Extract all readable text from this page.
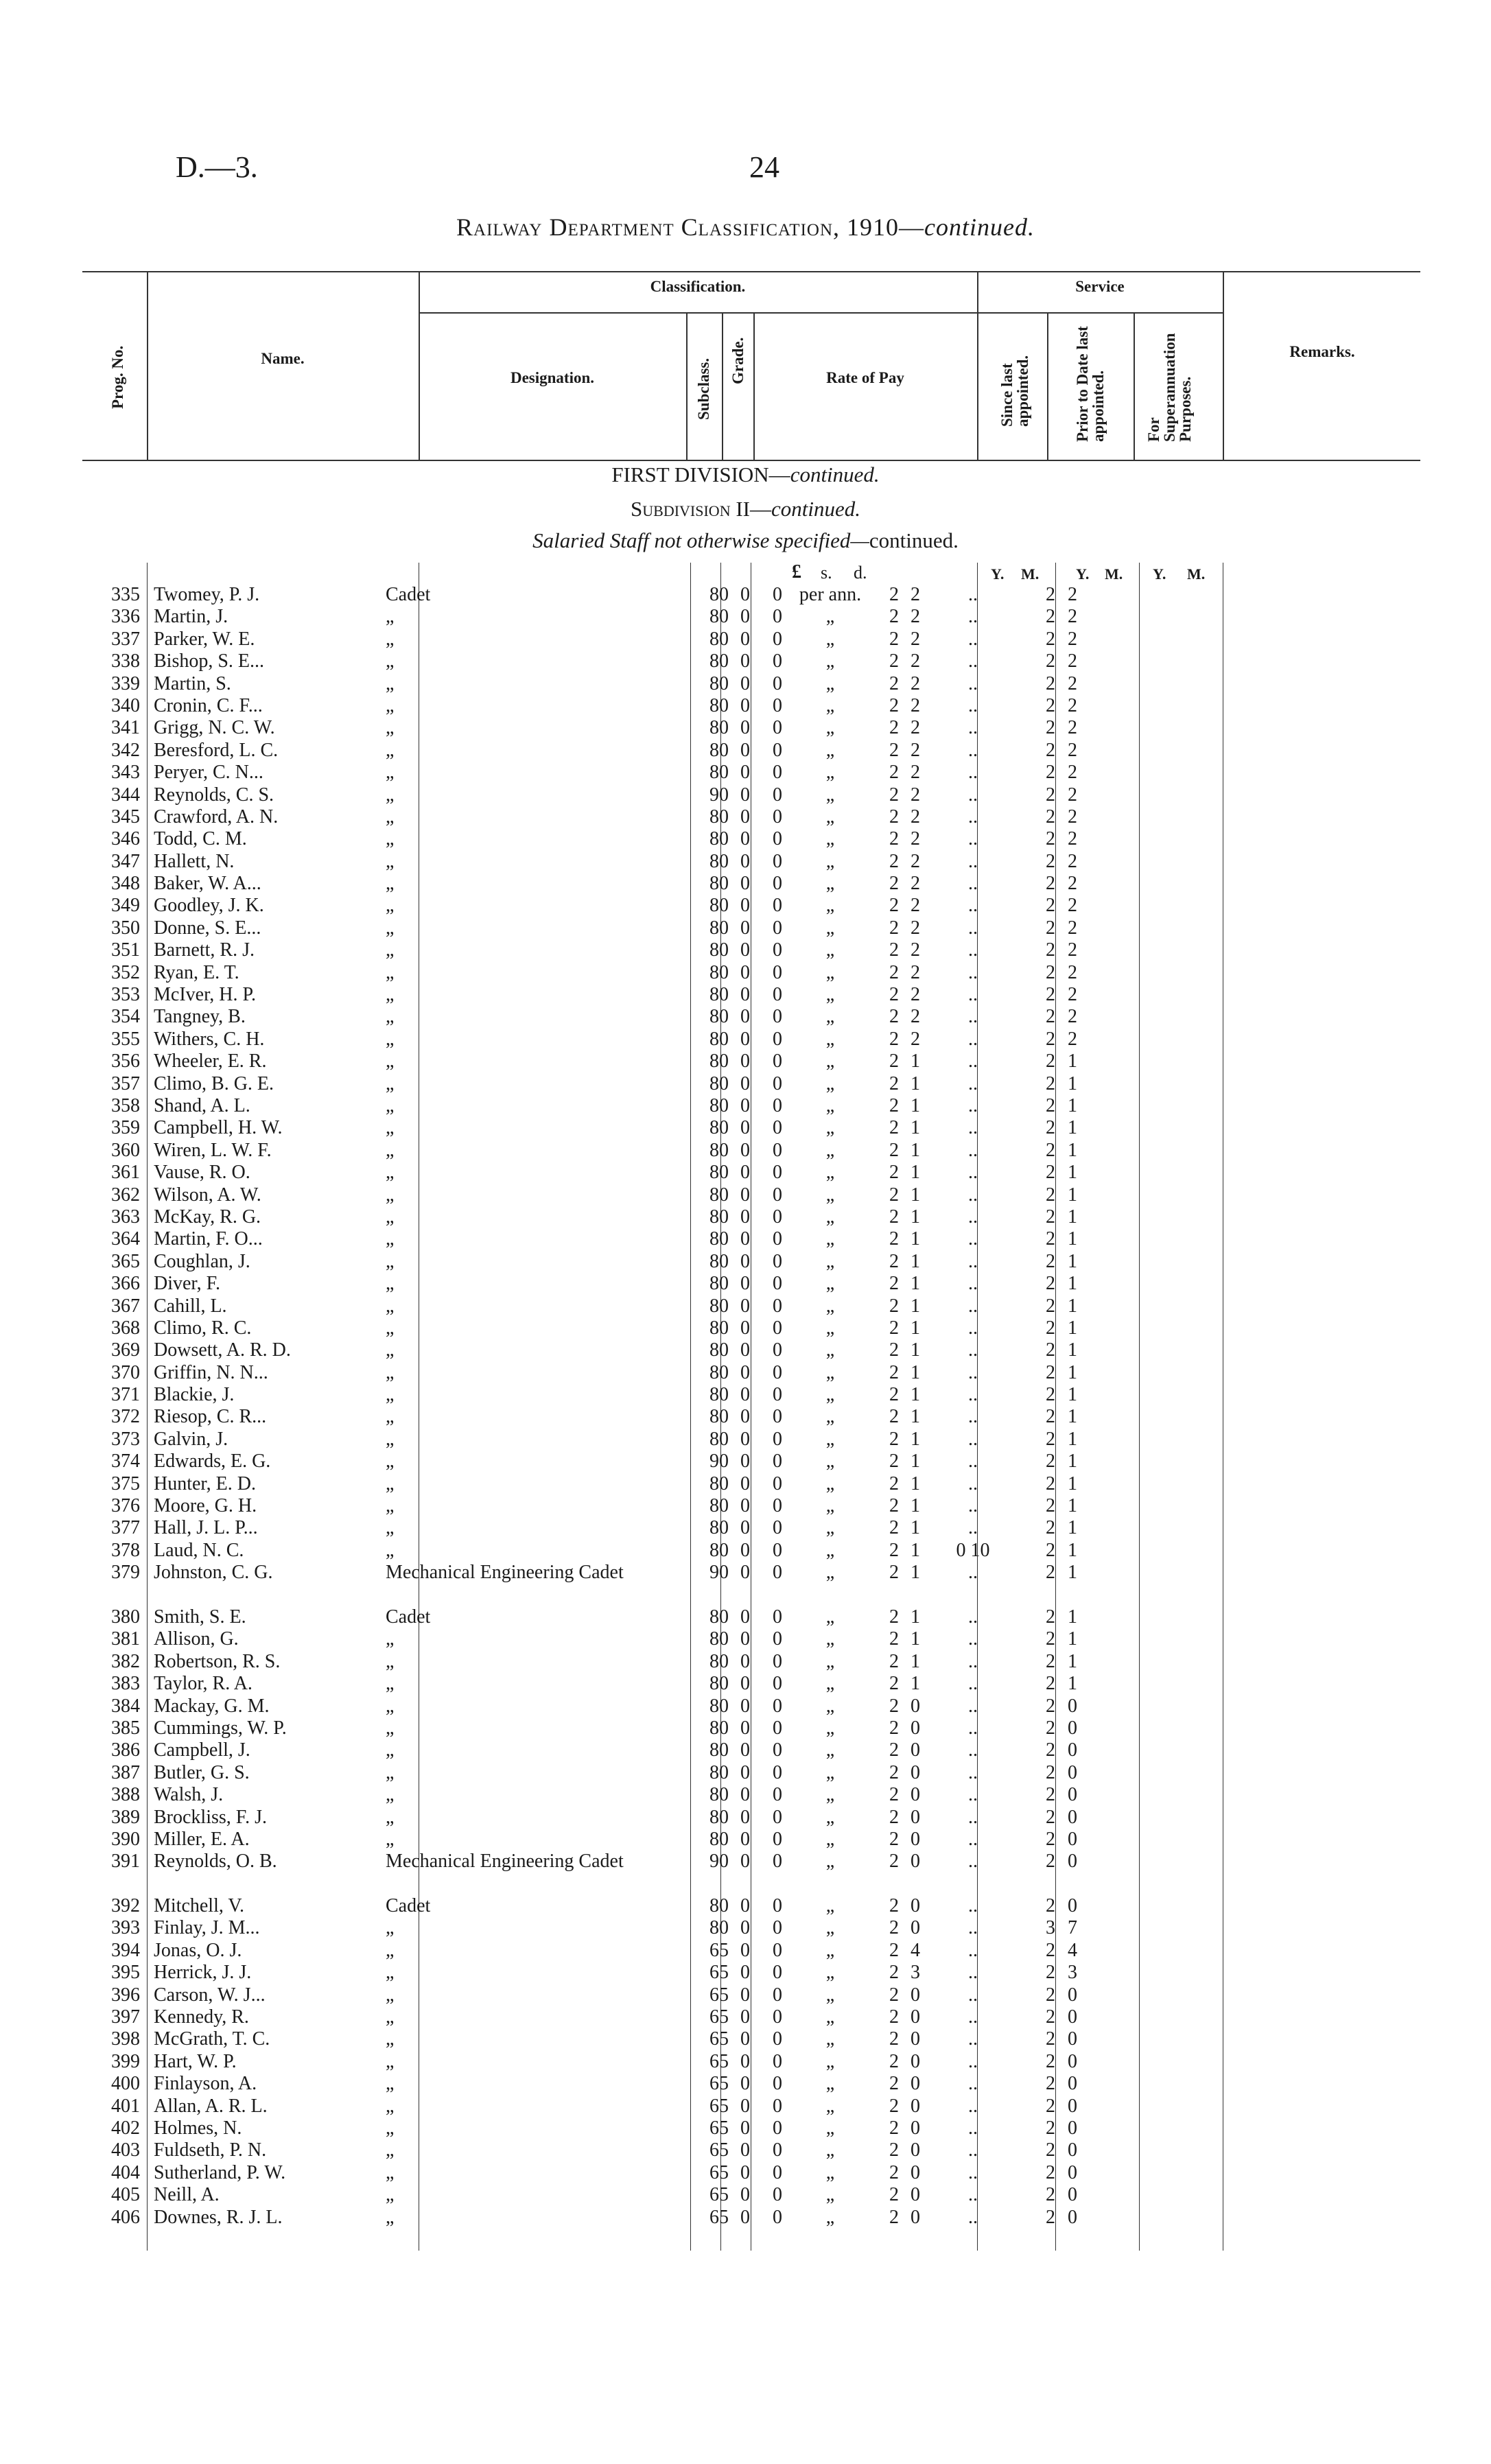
D.—3.	24
Railway Department Classification, 1910—continued.
Prog. No.	Name.
Classification.	Service
Designation.	Subclass. Grade.	Rate of Pay	Since last appointed.	Prior to Date last appointed. For Superannuation Purposes.
Remarks.
FIRST DIVISION—continued.
Subdivision II—continued.
Salaried Staff not otherwise specified—continued.
£ s. d.	Y. M. Y. M. Y. M.
335	Twomey, P. J.	Cadet			80	0	0	per ann.	2	2	..	2	2
336	Martin, J.	„			80	0	0	„	2	2	..	2	2
337	Parker, W. E.	„			80	0	0	„	2	2	..	2	2
338	Bishop, S. E...	„			80	0	0	„	2	2	..	2	2
339	Martin, S.	„			80	0	0	„	2	2	..	2	2
340	Cronin, C. F...	„			80	0	0	„	2	2	..	2	2
341	Grigg, N. C. W.	„			80	0	0	„	2	2	..	2	2
342	Beresford, L. C.	„			80	0	0	„	2	2	..	2	2
343	Peryer, C. N...	„			80	0	0	„	2	2	..	2	2
344	Reynolds, C. S.	„			90	0	0	„	2	2	..	2	2
345	Crawford, A. N.	„			80	0	0	„	2	2	..	2	2
346	Todd, C. M.	„			80	0	0	„	2	2	..	2	2
347	Hallett, N.	„			80	0	0	„	2	2	..	2	2
348	Baker, W. A...	„			80	0	0	„	2	2	..	2	2
349	Goodley, J. K.	„			80	0	0	„	2	2	..	2	2
350	Donne, S. E...	„			80	0	0	„	2	2	..	2	2
351	Barnett, R. J.	„			80	0	0	„	2	2	..	2	2
352	Ryan, E. T.	„			80	0	0	„	2	2	..	2	2
353	McIver, H. P.	„			80	0	0	„	2	2	..	2	2
354	Tangney, B.	„			80	0	0	„	2	2	..	2	2
355	Withers, C. H.	„			80	0	0	„	2	2	..	2	2
356	Wheeler, E. R.	„			80	0	0	„	2	1	..	2	1
357	Climo, B. G. E.	„			80	0	0	„	2	1	..	2	1
358	Shand, A. L.	„			80	0	0	„	2	1	..	2	1
359	Campbell, H. W.	„			80	0	0	„	2	1	..	2	1
360	Wiren, L. W. F.	„			80	0	0	„	2	1	..	2	1
361	Vause, R. O.	„			80	0	0	„	2	1	..	2	1
362	Wilson, A. W.	„			80	0	0	„	2	1	..	2	1
363	McKay, R. G.	„			80	0	0	„	2	1	..	2	1
364	Martin, F. O...	„			80	0	0	„	2	1	..	2	1
365	Coughlan, J.	„			80	0	0	„	2	1	..	2	1
366	Diver, F.	„			80	0	0	„	2	1	..	2	1
367	Cahill, L.	„			80	0	0	„	2	1	..	2	1
368	Climo, R. C.	„			80	0	0	„	2	1	..	2	1
369	Dowsett, A. R. D.	„			80	0	0	„	2	1	..	2	1
370	Griffin, N. N...	„			80	0	0	„	2	1	..	2	1
371	Blackie, J.	„			80	0	0	„	2	1	..	2	1
372	Riesop, C. R...	„			80	0	0	„	2	1	..	2	1
373	Galvin, J.	„			80	0	0	„	2	1	..	2	1
374	Edwards, E. G.	„			90	0	0	„	2	1	..	2	1
375	Hunter, E. D.	„			80	0	0	„	2	1	..	2	1
376	Moore, G. H.	„			80	0	0	„	2	1	..	2	1
377	Hall, J. L. P...	„			80	0	0	„	2	1	..	2	1
378	Laud, N. C.	„			80	0	0	„	2	1	0 10	2	1
379	Johnston, C. G.	Mechanical Engineering Cadet			90	0	0	„	2	1	..	2	1
380	Smith, S. E.	Cadet			80	0	0	„	2	1	..	2	1
381	Allison, G.	„			80	0	0	„	2	1	..	2	1
382	Robertson, R. S.	„			80	0	0	„	2	1	..	2	1
383	Taylor, R. A.	„			80	0	0	„	2	1	..	2	1
384	Mackay, G. M.	„			80	0	0	„	2	0	..	2	0
385	Cummings, W. P.	„			80	0	0	„	2	0	..	2	0
386	Campbell, J.	„			80	0	0	„	2	0	..	2	0
387	Butler, G. S.	„			80	0	0	„	2	0	..	2	0
388	Walsh, J.	„			80	0	0	„	2	0	..	2	0
389	Brockliss, F. J.	„			80	0	0	„	2	0	..	2	0
390	Miller, E. A.	„			80	0	0	„	2	0	..	2	0
391	Reynolds, O. B.	Mechanical Engineering Cadet			90	0	0	„	2	0	..	2	0
392	Mitchell, V.	Cadet			80	0	0	„	2	0	..	2	0
393	Finlay, J. M...	„			80	0	0	„	2	0	..	3	7
394	Jonas, O. J.	„			65	0	0	„	2	4	..	2	4
395	Herrick, J. J.	„			65	0	0	„	2	3	..	2	3
396	Carson, W. J...	„			65	0	0	„	2	0	..	2	0
397	Kennedy, R.	„			65	0	0	„	2	0	..	2	0
398	McGrath, T. C.	„			65	0	0	„	2	0	..	2	0
399	Hart, W. P.	„			65	0	0	„	2	0	..	2	0
400	Finlayson, A.	„			65	0	0	„	2	0	..	2	0
401	Allan, A. R. L.	„			65	0	0	„	2	0	..	2	0
402	Holmes, N.	„			65	0	0	„	2	0	..	2	0
403	Fuldseth, P. N.	„			65	0	0	„	2	0	..	2	0
404	Sutherland, P. W.	„			65	0	0	„	2	0	..	2	0
405	Neill, A.	„			65	0	0	„	2	0	..	2	0
406	Downes, R. J. L.	„			65	0	0	„	2	0	..	2	0
